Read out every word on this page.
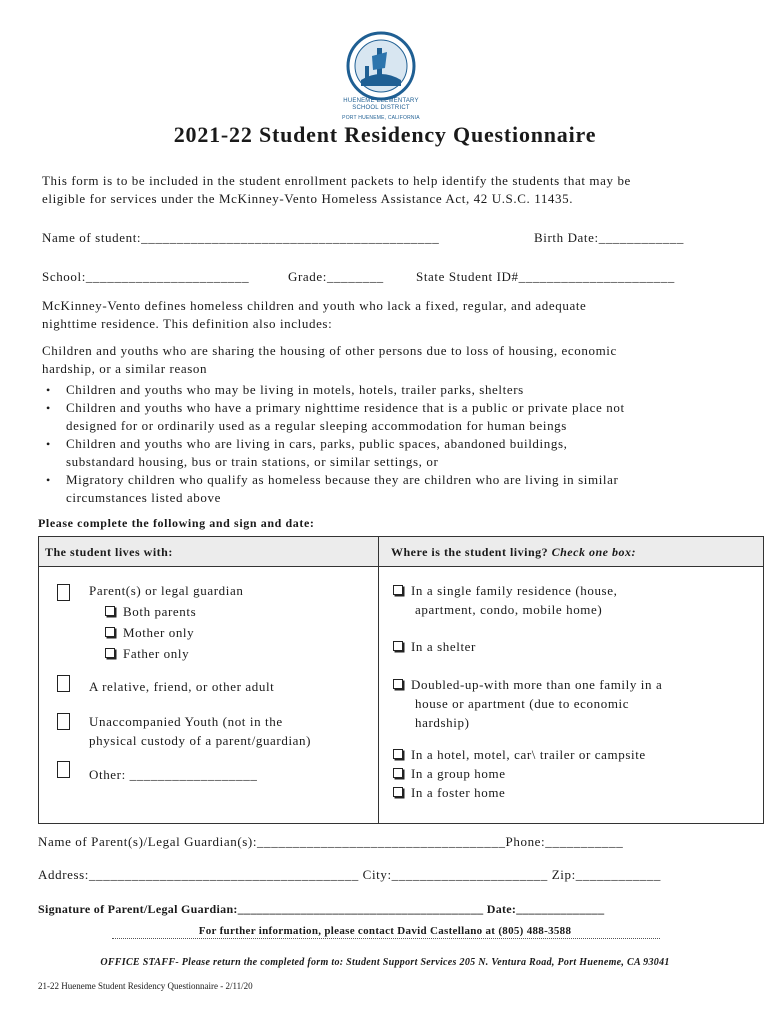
HUENEME ELEMENTARY
SCHOOL DISTRICT
PORT HUENEME, CALIFORNIA
2021-22 Student Residency Questionnaire
This form is to be included in the student enrollment packets to help identify the students that may be
eligible for services under the McKinney-Vento Homeless Assistance Act, 42 U.S.C. 11435.
Name of student:__________________________________________	Birth Date:____________
School:_______________________	Grade:________ State Student ID#______________________
McKinney-Vento defines homeless children and youth who lack a fixed, regular, and adequate
nighttime residence. This definition also includes:
Children and youths who are sharing the housing of other persons due to loss of housing, economic
hardship, or a similar reason
• Children and youths who may be living in motels, hotels, trailer parks, shelters
• Children and youths who have a primary nighttime residence that is a public or private place not
designed for or ordinarily used as a regular sleeping accommodation for human beings
• Children and youths who are living in cars, parks, public spaces, abandoned buildings,
substandard housing, bus or train stations, or similar settings, or
• Migratory children who qualify as homeless because they are children who are living in similar
circumstances listed above
Please complete the following and sign and date:
The student lives with:	Where is the student living? Check one box:
Parent(s) or legal guardian
Both parents
Mother only
Father only
A relative, friend, or other adult
Unaccompanied Youth (not in the
physical custody of a parent/guardian)
Other: __________________
In a single family residence (house,
apartment, condo, mobile home)
In a shelter
Doubled-up-with more than one family in a
house or apartment (due to economic
hardship)
In a hotel, motel, car\ trailer or campsite
In a group home
In a foster home
Name of Parent(s)/Legal Guardian(s):___________________________________Phone:___________
Address:______________________________________ City:______________________ Zip:____________
Signature of Parent/Legal Guardian:_______________________________________ Date:______________
For further information, please contact David Castellano at (805) 488-3588
OFFICE STAFF- Please return the completed form to: Student Support Services 205 N. Ventura Road, Port Hueneme, CA 93041
21-22 Hueneme Student Residency Questionnaire - 2/11/20
